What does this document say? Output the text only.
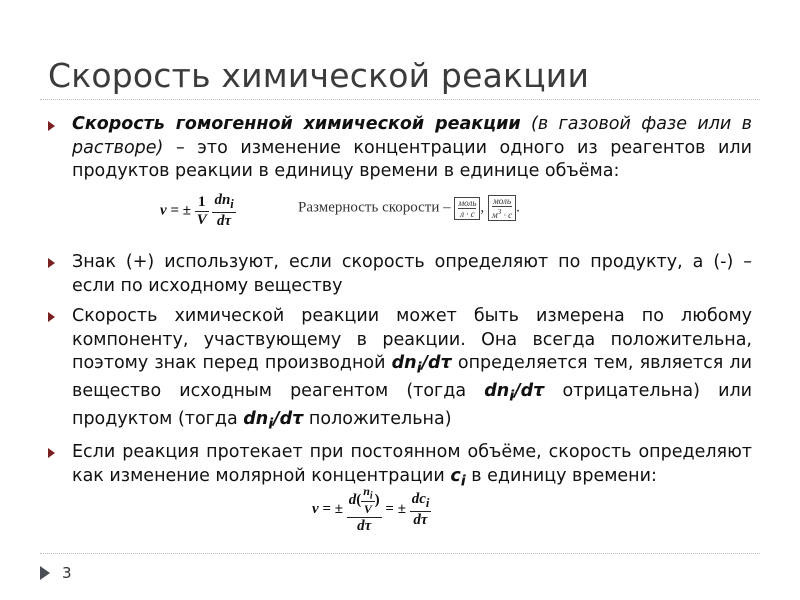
Скорость химической реакции
Скорость гомогенной химической реакции (в газовой фазе или в растворе) – это изменение концентрации одного из реагентов или продуктов реакции в единицу времени в единице объёма:
v = ± $\frac{1}{V}$
$\frac{dn_i}{d\tau}$	Размерность скорости – моль
л · с , моль
$м^3 \cdot с$ .
Знак (+) используют, если скорость определяют по продукту, а (-) – если по исходному веществу
Скорость химической реакции может быть измерена по любому компоненту, участвующему в реакции. Она всегда положительна, поэтому знак перед производной $dn_i/d\tau$ определяется тем, является ли вещество исходным реагентом (тогда $dn_i/d\tau$ отрицательна) или продуктом (тогда $dn_i/d\tau$ положительна)
Если реакция протекает при постоянном объёме, скорость определяют как изменение молярной концентрации $c_i$ в единицу времени:
v = ± $\frac{d( \frac{n_i}{V} )}{d\tau}$ = ± $\frac{dc_i}{d\tau}$
3
